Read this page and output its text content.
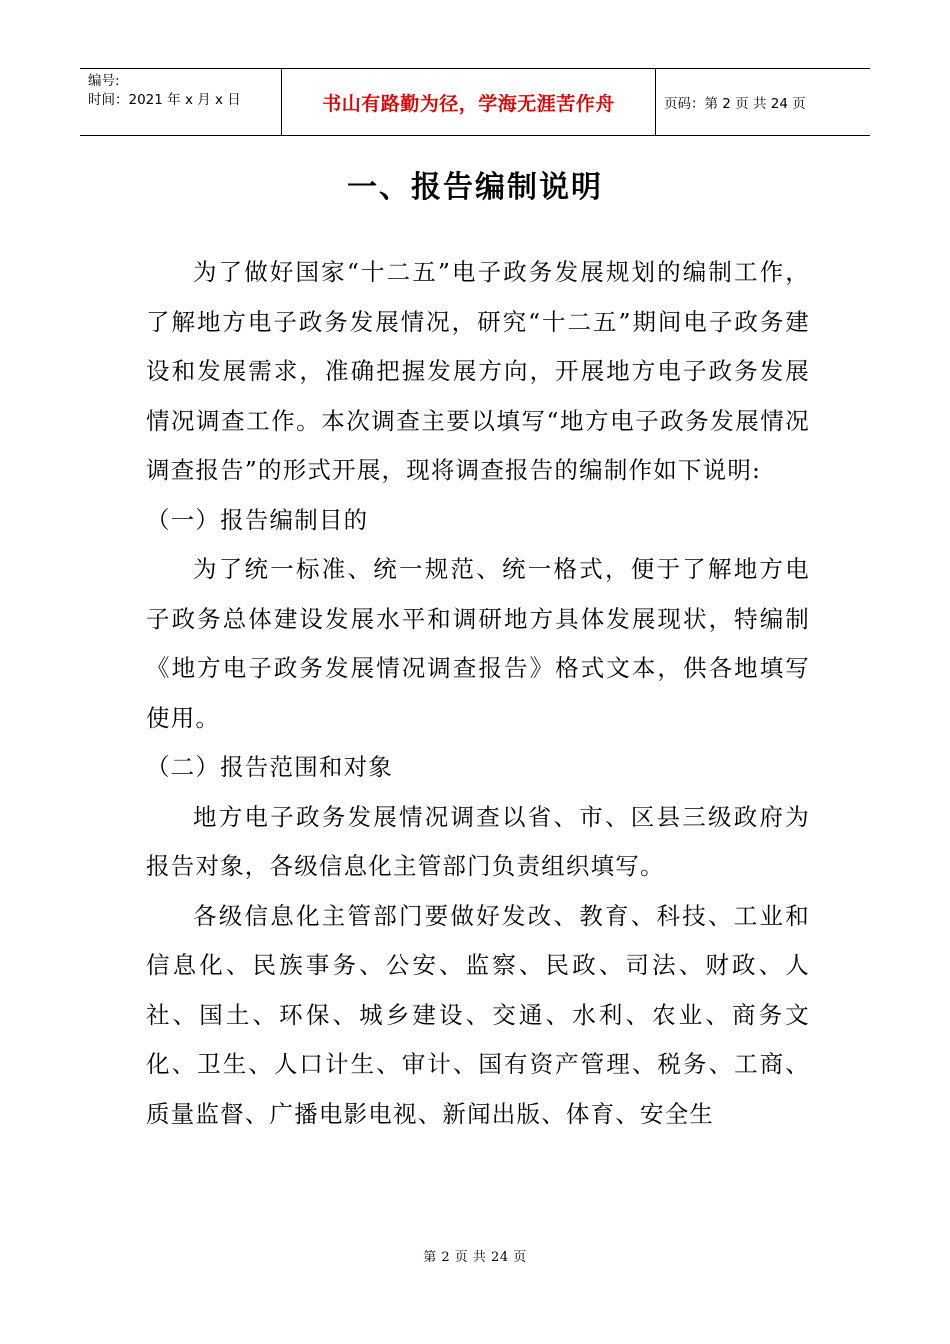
编号:
时间：2021 年 x 月 x 日	书山有路勤为径，学海无涯苦作舟	页码：第 2 页 共 24 页
一、报告编制说明

为了做好国家“十二五”电子政务发展规划的编制工作，了解地方电子政务发展情况，研究“十二五”期间电子政务建设和发展需求，准确把握发展方向，开展地方电子政务发展情况调查工作。本次调查主要以填写“地方电子政务发展情况调查报告”的形式开展，现将调查报告的编制作如下说明:

（一）报告编制目的

为了统一标准、统一规范、统一格式，便于了解地方电子政务总体建设发展水平和调研地方具体发展现状，特编制《地方电子政务发展情况调查报告》格式文本，供各地填写使用。

（二）报告范围和对象

地方电子政务发展情况调查以省、市、区县三级政府为报告对象，各级信息化主管部门负责组织填写。

各级信息化主管部门要做好发改、教育、科技、工业和信息化、民族事务、公安、监察、民政、司法、财政、人社、国土、环保、城乡建设、交通、水利、农业、商务文化、卫生、人口计生、审计、国有资产管理、税务、工商、质量监督、广播电影电视、新闻出版、体育、安全生

第 2 页 共 24 页
